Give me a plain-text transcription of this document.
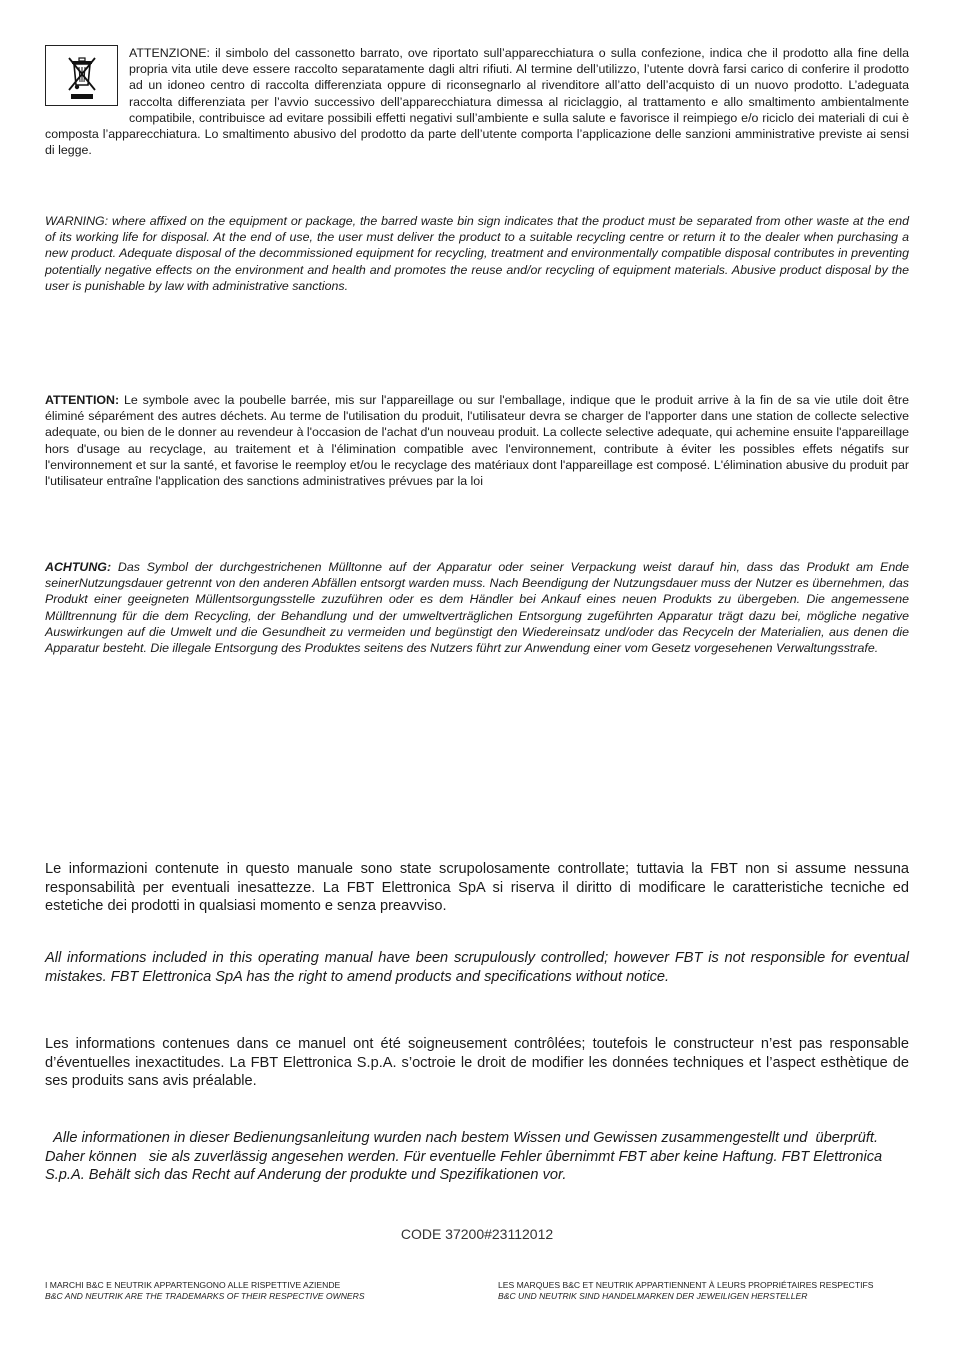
ATTENZIONE: il simbolo del cassonetto barrato, ove riportato sull’apparecchiatura o sulla confezione, indica che il prodotto alla fine della propria vita utile deve essere raccolto separatamente dagli altri rifiuti. Al termine dell’utilizzo, l’utente dovrà farsi carico di conferire il prodotto ad un idoneo centro di raccolta differenziata oppure di riconsegnarlo al rivenditore all’atto dell’acquisto di un nuovo prodotto. L’adeguata raccolta differenziata per l’avvio successivo dell’apparecchiatura dimessa al riciclaggio, al trattamento e allo smaltimento ambientalmente compatibile, contribuisce ad evitare possibili effetti negativi sull’ambiente e sulla salute e favorisce il reimpiego e/o riciclo dei materiali di cui è composta l’apparecchiatura. Lo smaltimento abusivo del prodotto da parte dell’utente comporta l’applicazione delle sanzioni amministrative previste ai sensi di legge.

WARNING: where affixed on the equipment or package, the barred waste bin sign indicates that the product must be separated from other waste at the end of its working life for disposal. At the end of use, the user must deliver the product to a suitable recycling centre or return it to the dealer when purchasing a new product. Adequate disposal of the decommissioned equipment for recycling, treatment and environmentally compatible disposal contributes in preventing potentially negative effects on the environment and health and promotes the reuse and/or recycling of equipment materials. Abusive product disposal by the user is punishable by law with administrative sanctions.

ATTENTION: Le symbole avec la poubelle barrée, mis sur l'appareillage ou sur l'emballage, indique que le produit arrive à la fin de sa vie utile doit être éliminé séparément des autres déchets. Au terme de l'utilisation du produit, l'utilisateur devra se charger de l'apporter dans une station de collecte selective adequate, ou bien de le donner au revendeur à l'occasion de l'achat d'un nouveau produit. La collecte selective adequate, qui achemine ensuite l'appareillage hors d'usage au recyclage, au traitement et à l'élimination compatible avec l'environnement, contribute à éviter les possibles effets négatifs sur l'environnement et sur la santé, et favorise le reemploy et/ou le recyclage des matériaux dont l'appareillage est composé. L'élimination abusive du produit par l'utilisateur entraîne l'application des sanctions administratives prévues par la loi

ACHTUNG: Das Symbol der durchgestrichenen Mülltonne auf der Apparatur oder seiner Verpackung weist darauf hin, dass das Produkt am Ende seinerNutzungsdauer getrennt von den anderen Abfällen entsorgt warden muss. Nach Beendigung der Nutzungsdauer muss der Nutzer es übernehmen, das Produkt einer geeigneten Müllentsorgungsstelle zuzuführen oder es dem Händler bei Ankauf eines neuen Produkts zu übergeben. Die angemessene Mülltrennung für die dem Recycling, der Behandlung und der umweltverträglichen Entsorgung zugeführten Apparatur trägt dazu bei, mögliche negative Auswirkungen auf die Umwelt und die Gesundheit zu vermeiden und begünstigt den Wiedereinsatz und/oder das Recyceln der Materialien, aus denen die Apparatur besteht. Die illegale Entsorgung des Produktes seitens des Nutzers führt zur Anwendung einer vom Gesetz vorgesehenen Verwaltungsstrafe.

Le informazioni contenute in questo manuale sono state scrupolosamente controllate; tuttavia la FBT non si assume nessuna responsabilità per eventuali inesattezze. La FBT Elettronica SpA si riserva il diritto di modificare le caratteristiche tecniche ed estetiche dei prodotti in qualsiasi momento e senza preavviso.

All informations included in this operating manual have been scrupulously controlled; however FBT is not responsible for eventual mistakes. FBT Elettronica SpA has the right to amend products and specifications without notice.

Les informations contenues dans ce manuel ont été soigneusement contrôlées; toutefois le constructeur n’est pas responsable d’éventuelles inexactitudes. La FBT Elettronica S.p.A. s’octroie le droit de modifier les données techniques et l’aspect esthètique de ses produits sans avis préalable.

Alle informationen in dieser Bedienungsanleitung wurden nach bestem Wissen und Gewissen zusammengestellt und  überprüft. Daher können   sie als zuverlässig angesehen werden. Für eventuelle Fehler ûbernimmt FBT aber keine Haftung. FBT Elettronica S.p.A. Behält sich das Recht auf Anderung der produkte und Spezifikationen vor.

CODE 37200#23112012
I MARCHI B&C E NEUTRIK APPARTENGONO ALLE RISPETTIVE AZIENDE
B&C AND NEUTRIK ARE THE TRADEMARKS OF THEIR RESPECTIVE OWNERS
LES MARQUES B&C ET NEUTRIK APPARTIENNENT À LEURS PROPRIÉTAIRES RESPECTIFS
B&C UND NEUTRIK SIND HANDELMARKEN DER JEWEILIGEN HERSTELLER
